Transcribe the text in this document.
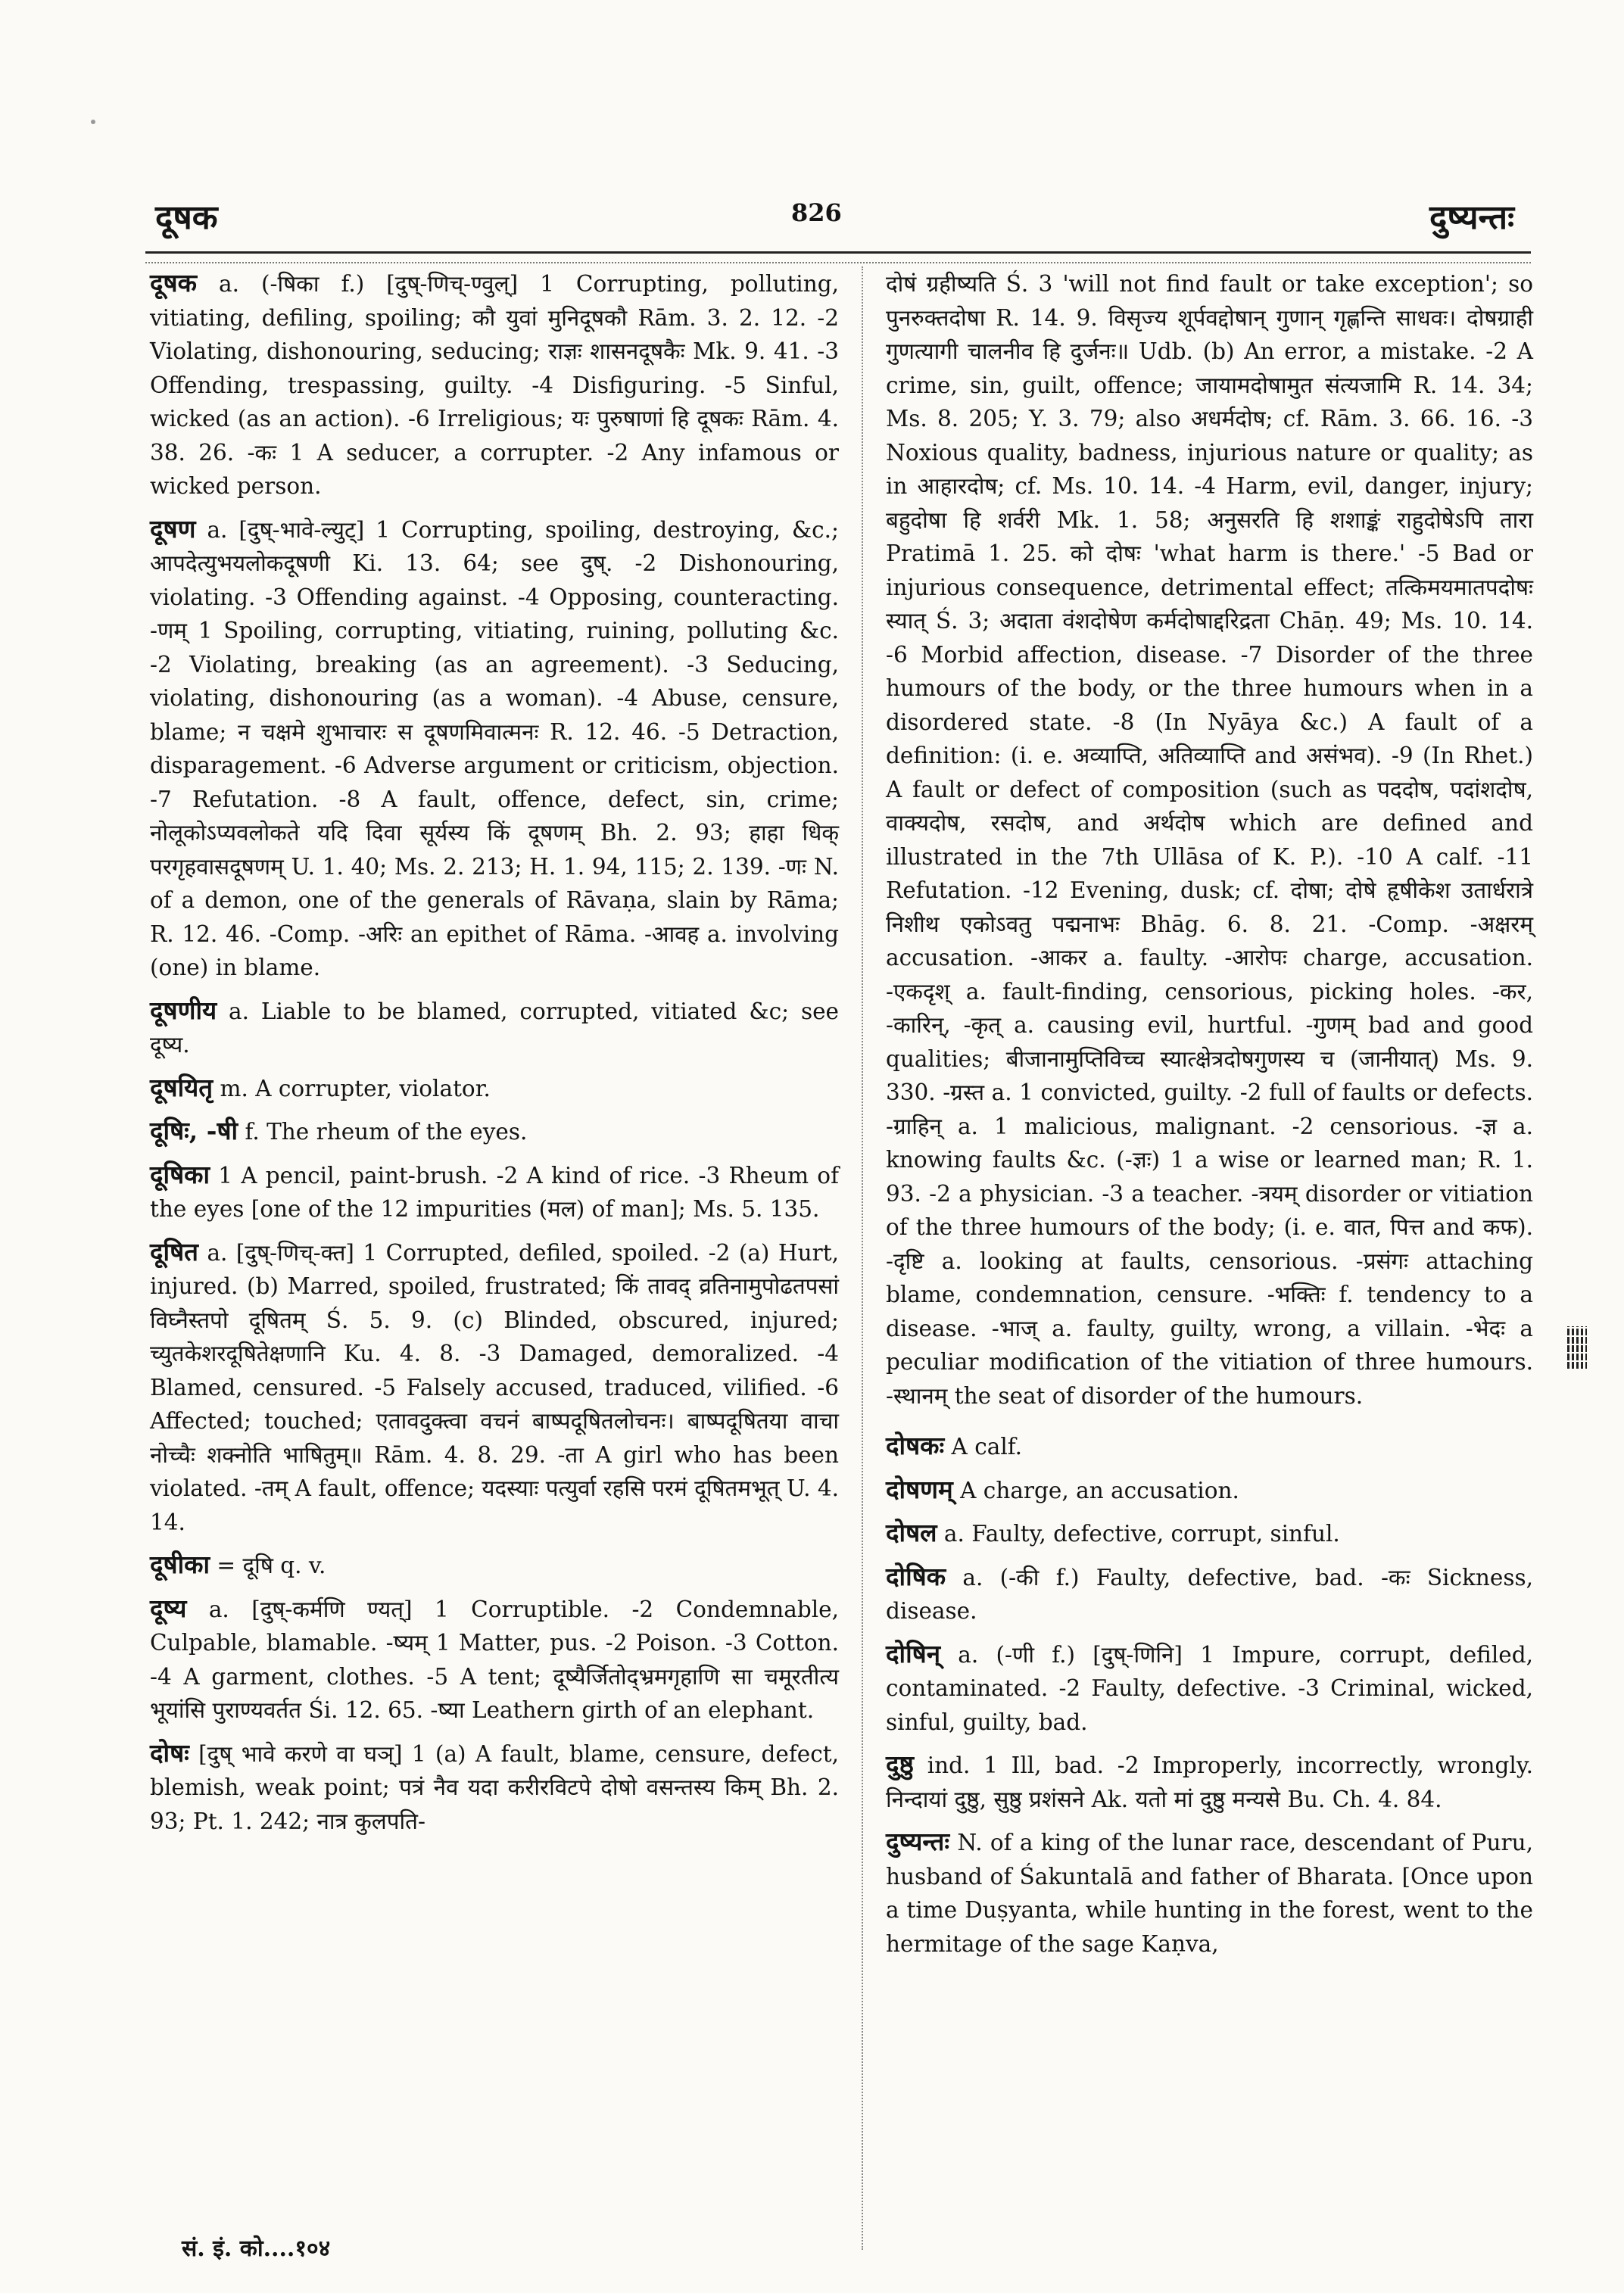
दूषक	826	दुष्यन्तः

दूषक a. (-षिका f.) [दुष्-णिच्-ण्वुल्] 1 Corrupting, polluting, vitiating, defiling, spoiling; कौ युवां मुनिदूषकौ Rām. 3. 2. 12. -2 Violating, dishonouring, seducing; राज्ञः शासनदूषकैः Mk. 9. 41. -3 Offending, trespassing, guilty. -4 Disfiguring. -5 Sinful, wicked (as an action). -6 Irreligious; यः पुरुषाणां हि दूषकः Rām. 4. 38. 26. -कः 1 A seducer, a corrupter. -2 Any infamous or wicked person.

दूषण a. [दुष्-भावे-ल्युट्] 1 Corrupting, spoiling, destroying, &c.; आपदेत्युभयलोकदूषणी Ki. 13. 64; see दुष्. -2 Dishonouring, violating. -3 Offending against. -4 Opposing, counteracting. -णम् 1 Spoiling, corrupting, vitiating, ruining, polluting &c. -2 Violating, breaking (as an agreement). -3 Seducing, violating, dishonouring (as a woman). -4 Abuse, censure, blame; न चक्षमे शुभाचारः स दूषणमिवात्मनः R. 12. 46. -5 Detraction, disparagement. -6 Adverse argument or criticism, objection. -7 Refutation. -8 A fault, offence, defect, sin, crime; नोलूकोऽप्यवलोकते यदि दिवा सूर्यस्य किं दूषणम् Bh. 2. 93; हाहा धिक् परगृहवासदूषणम् U. 1. 40; Ms. 2. 213; H. 1. 94, 115; 2. 139. -णः N. of a demon, one of the generals of Rāvaṇa, slain by Rāma; R. 12. 46. -Comp. -अरिः an epithet of Rāma. -आवह a. involving (one) in blame.

दूषणीय a. Liable to be blamed, corrupted, vitiated &c; see दूष्य.

दूषयितृ m. A corrupter, violator.

दूषिः, -षी f. The rheum of the eyes.

दूषिका 1 A pencil, paint-brush. -2 A kind of rice. -3 Rheum of the eyes [one of the 12 impurities (मल) of man]; Ms. 5. 135.

दूषित a. [दुष्-णिच्-क्त] 1 Corrupted, defiled, spoiled. -2 (a) Hurt, injured. (b) Marred, spoiled, frustrated; किं तावद् व्रतिनामुपोढतपसां विघ्नैस्तपो दूषितम् Ś. 5. 9. (c) Blinded, obscured, injured; च्युतकेशरदूषितेक्षणानि Ku. 4. 8. -3 Damaged, demoralized. -4 Blamed, censured. -5 Falsely accused, traduced, vilified. -6 Affected; touched; एतावदुक्त्वा वचनं बाष्पदूषितलोचनः। बाष्पदूषितया वाचा नोच्चैः शक्नोति भाषितुम्॥ Rām. 4. 8. 29. -ता A girl who has been violated. -तम् A fault, offence; यदस्याः पत्युर्वा रहसि परमं दूषितमभूत् U. 4. 14.

दूषीका = दूषि q. v.

दूष्य a. [दुष्-कर्मणि ण्यत्] 1 Corruptible. -2 Condemnable, Culpable, blamable. -ष्यम् 1 Matter, pus. -2 Poison. -3 Cotton. -4 A garment, clothes. -5 A tent; दूष्यैर्जितोद्भ्रमगृहाणि सा चमूरतीत्य भूयांसि पुराण्यवर्तत Śi. 12. 65. -ष्या Leathern girth of an elephant.

दोषः [दुष् भावे करणे वा घञ्] 1 (a) A fault, blame, censure, defect, blemish, weak point; पत्रं नैव यदा करीरविटपे दोषो वसन्तस्य किम् Bh. 2. 93; Pt. 1. 242; नात्र कुलपति-

दोषं ग्रहीष्यति Ś. 3 'will not find fault or take exception'; so पुनरुक्तदोषा R. 14. 9. विसृज्य शूर्पवद्दोषान् गुणान् गृह्णन्ति साधवः। दोषग्राही गुणत्यागी चालनीव हि दुर्जनः॥ Udb. (b) An error, a mistake. -2 A crime, sin, guilt, offence; जायामदोषामुत संत्यजामि R. 14. 34; Ms. 8. 205; Y. 3. 79; also अधर्मदोष; cf. Rām. 3. 66. 16. -3 Noxious quality, badness, injurious nature or quality; as in आहारदोष; cf. Ms. 10. 14. -4 Harm, evil, danger, injury; बहुदोषा हि शर्वरी Mk. 1. 58; अनुसरति हि शशाङ्कं राहुदोषेऽपि तारा Pratimā 1. 25. को दोषः 'what harm is there.' -5 Bad or injurious consequence, detrimental effect; तत्किमयमातपदोषः स्यात् Ś. 3; अदाता वंशदोषेण कर्मदोषाद्दरिद्रता Chāṇ. 49; Ms. 10. 14. -6 Morbid affection, disease. -7 Disorder of the three humours of the body, or the three humours when in a disordered state. -8 (In Nyāya &c.) A fault of a definition: (i. e. अव्याप्ति, अतिव्याप्ति and असंभव). -9 (In Rhet.) A fault or defect of composition (such as पददोष, पदांशदोष, वाक्यदोष, रसदोष, and अर्थदोष which are defined and illustrated in the 7th Ullāsa of K. P.). -10 A calf. -11 Refutation. -12 Evening, dusk; cf. दोषा; दोषे हृषीकेश उतार्धरात्रे निशीथ एकोऽवतु पद्मनाभः Bhāg. 6. 8. 21. -Comp. -अक्षरम् accusation. -आकर a. faulty. -आरोपः charge, accusation. -एकदृश् a. fault-finding, censorious, picking holes. -कर, -कारिन्, -कृत् a. causing evil, hurtful. -गुणम् bad and good qualities; बीजानामुप्तिविच्च स्यात्क्षेत्रदोषगुणस्य च (जानीयात्) Ms. 9. 330. -ग्रस्त a. 1 convicted, guilty. -2 full of faults or defects. -ग्राहिन् a. 1 malicious, malignant. -2 censorious. -ज्ञ a. knowing faults &c. (-ज्ञः) 1 a wise or learned man; R. 1. 93. -2 a physician. -3 a teacher. -त्रयम् disorder or vitiation of the three humours of the body; (i. e. वात, पित्त and कफ). -दृष्टि a. looking at faults, censorious. -प्रसंगः attaching blame, condemnation, censure. -भक्तिः f. tendency to a disease. -भाज् a. faulty, guilty, wrong, a villain. -भेदः a peculiar modification of the vitiation of three humours. -स्थानम् the seat of disorder of the humours.

दोषकः A calf.

दोषणम् A charge, an accusation.

दोषल a. Faulty, defective, corrupt, sinful.

दोषिक a. (-की f.) Faulty, defective, bad. -कः Sickness, disease.

दोषिन् a. (-णी f.) [दुष्-णिनि] 1 Impure, corrupt, defiled, contaminated. -2 Faulty, defective. -3 Criminal, wicked, sinful, guilty, bad.

दुष्ठु ind. 1 Ill, bad. -2 Improperly, incorrectly, wrongly. निन्दायां दुष्ठु, सुष्ठु प्रशंसने Ak. यतो मां दुष्ठु मन्यसे Bu. Ch. 4. 84.

दुष्यन्तः N. of a king of the lunar race, descendant of Puru, husband of Śakuntalā and father of Bharata. [Once upon a time Duṣyanta, while hunting in the forest, went to the hermitage of the sage Kaṇva,

सं. इं. को....१०४
